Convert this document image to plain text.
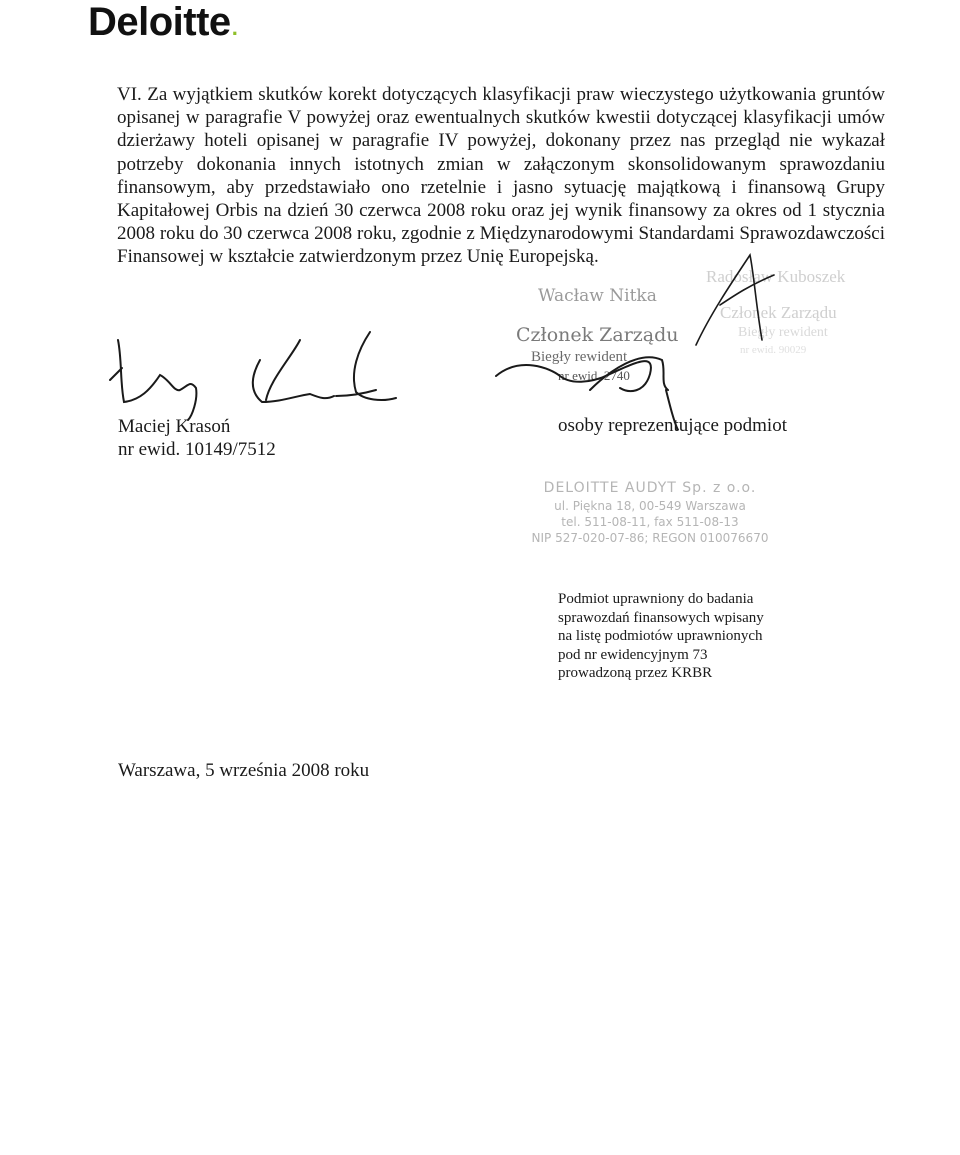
Deloitte.

VI. Za wyjątkiem skutków korekt dotyczących klasyfikacji praw wieczystego użytkowania gruntów opisanej w paragrafie V powyżej oraz ewentualnych skutków kwestii dotyczącej klasyfikacji umów dzierżawy hoteli opisanej w paragrafie IV powyżej, dokonany przez nas przegląd nie wykazał potrzeby dokonania innych istotnych zmian w załączonym skonsolidowanym sprawozdaniu finansowym, aby przedstawiało ono rzetelnie i jasno sytuację majątkową i finansową Grupy Kapitałowej Orbis na dzień 30 czerwca 2008 roku oraz jej wynik finansowy za okres od 1 stycznia 2008 roku do 30 czerwca 2008 roku, zgodnie z Międzynarodowymi Standardami Sprawozdawczości Finansowej w kształcie zatwierdzonym przez Unię Europejską.

Radosław Kuboszek
Członek Zarządu
Biegły rewident
nr ewid. 90029
Wacław Nitka
Członek Zarządu
Biegły rewident
nr ewid. 2740
Maciej Krasoń
nr ewid. 10149/7512
osoby reprezentujące podmiot
DELOITTE AUDYT Sp. z o.o.
ul. Piękna 18, 00-549 Warszawa
tel. 511-08-11, fax 511-08-13
NIP 527-020-07-86; REGON 010076670
Podmiot uprawniony do badania
sprawozdań finansowych wpisany
na listę podmiotów uprawnionych
pod nr ewidencyjnym 73
prowadzoną przez KRBR
Warszawa, 5 września 2008 roku
